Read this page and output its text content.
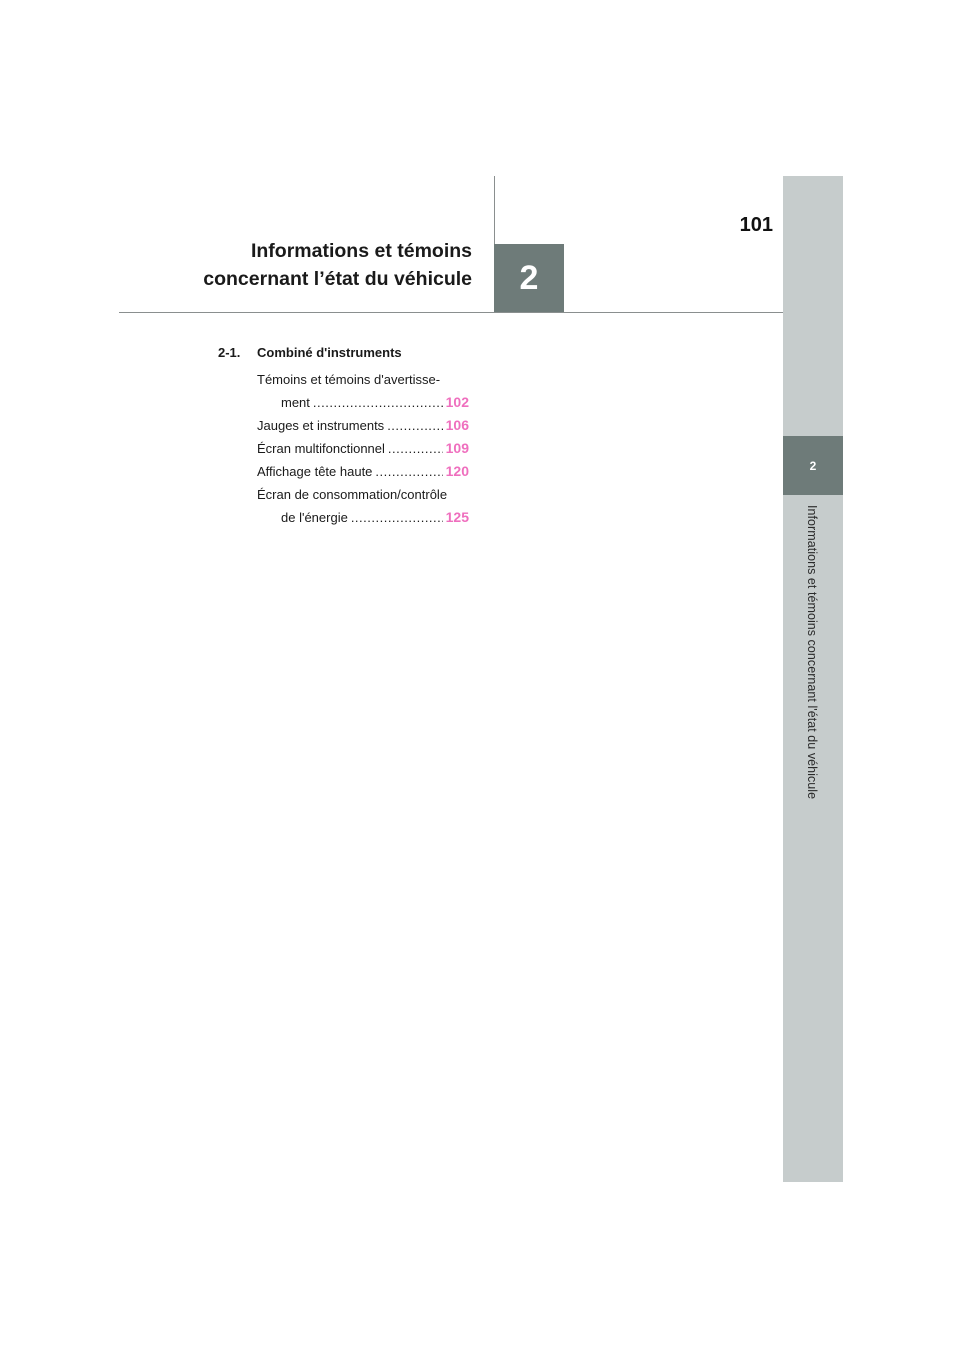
2
Informations et témoins concernant l'état du véhicule
2
101
Informations et témoins
concernant l’état du véhicule
2-1. Combiné d'instruments
Témoins et témoins d'avertisse-
ment .....	102
Jauges et instruments .....	106
Écran multifonctionnel .....	109
Affichage tête haute .....	120
Écran de consommation/contrôle
de l'énergie .....	125
